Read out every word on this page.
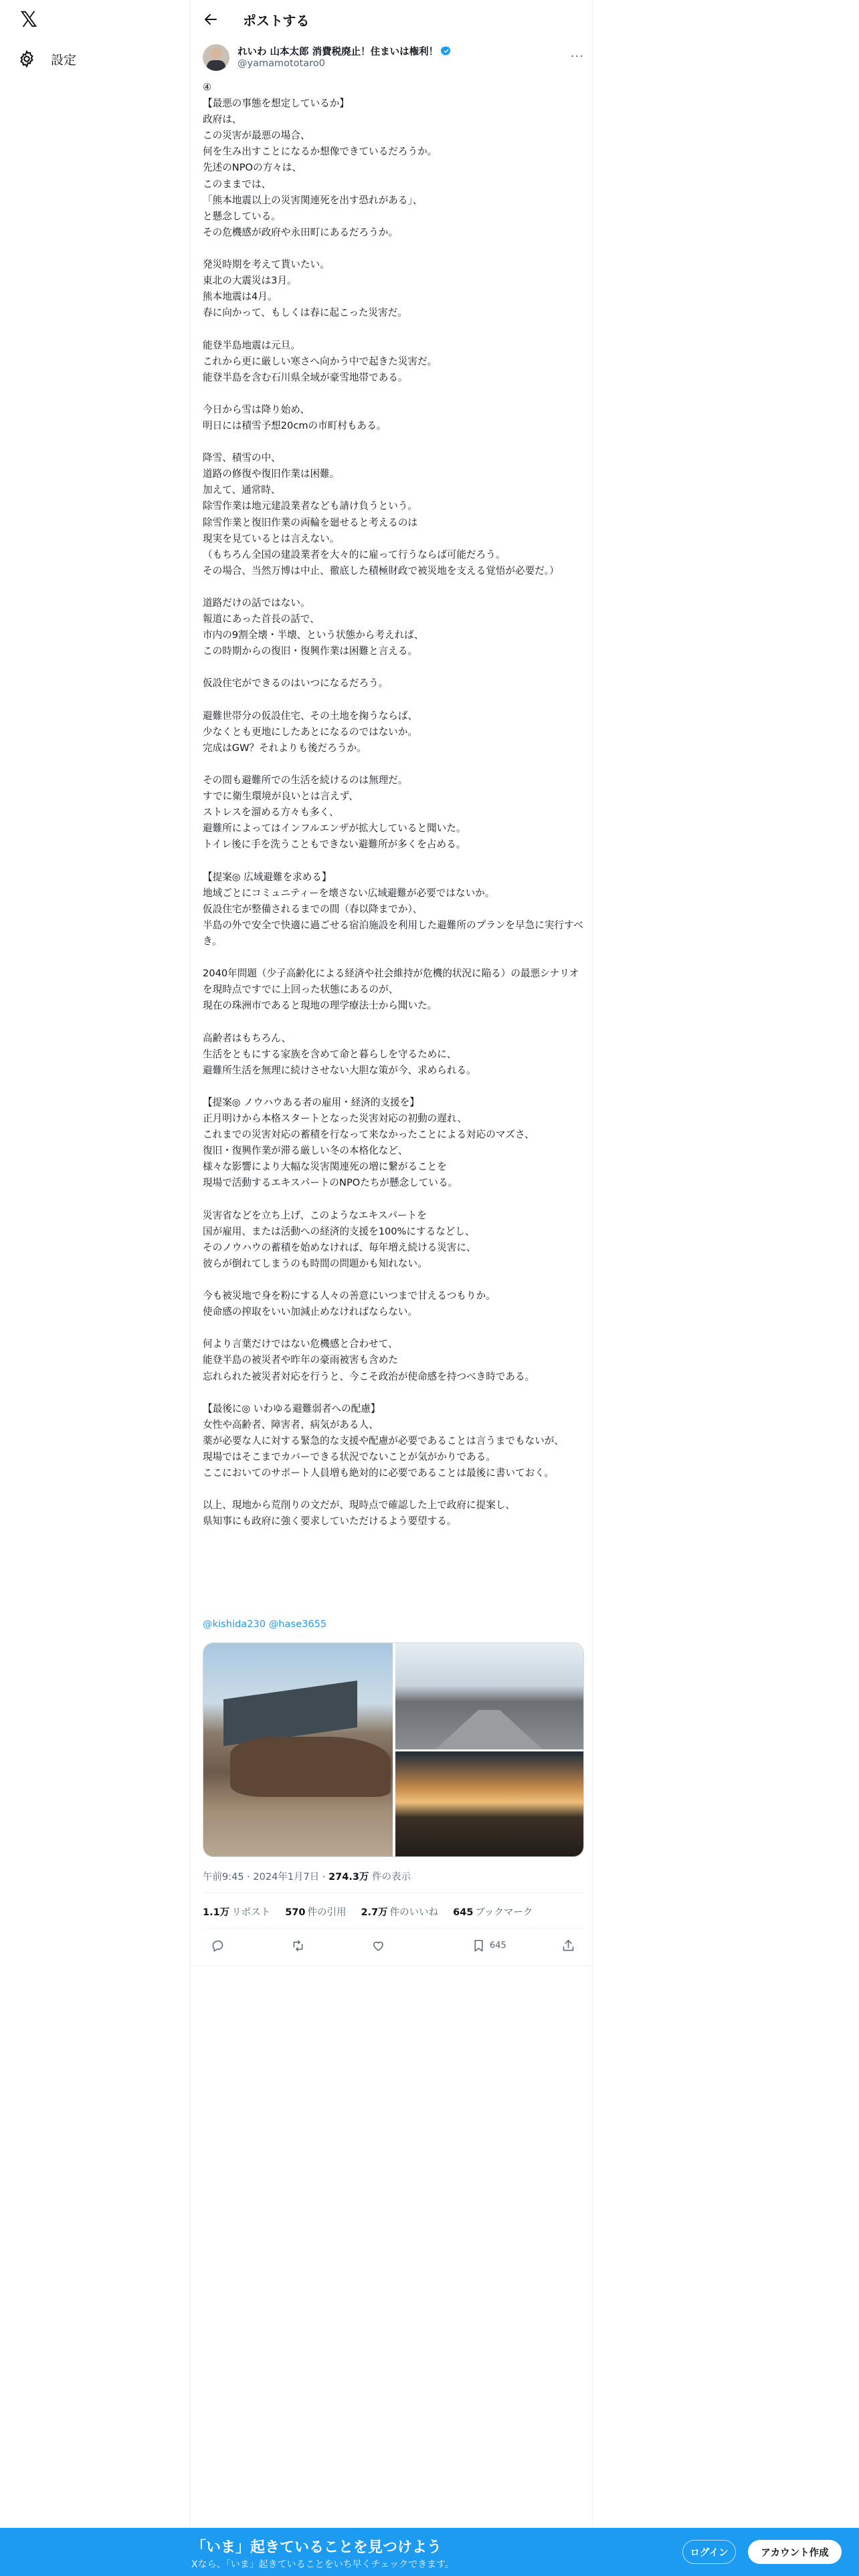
𝕏
設定
ポストする
れいわ 山本太郎 消費税廃止！住まいは権利！
@yamamototaro0	···
④
【最悪の事態を想定しているか】
政府は、
この災害が最悪の場合、
何を生み出すことになるか想像できているだろうか。
先述のNPOの方々は、
このままでは、
「熊本地震以上の災害関連死を出す恐れがある」、
と懸念している。
その危機感が政府や永田町にあるだろうか。

発災時期を考えて貰いたい。
東北の大震災は3月。
熊本地震は4月。
春に向かって、もしくは春に起こった災害だ。

能登半島地震は元旦。
これから更に厳しい寒さへ向かう中で起きた災害だ。
能登半島を含む石川県全域が豪雪地帯である。

今日から雪は降り始め、
明日には積雪予想20cmの市町村もある。

降雪、積雪の中、
道路の修復や復旧作業は困難。
加えて、通常時、
除雪作業は地元建設業者なども請け負うという。
除雪作業と復旧作業の両輪を廻せると考えるのは
現実を見ているとは言えない。
（もちろん全国の建設業者を大々的に雇って行うならば可能だろう。
その場合、当然万博は中止、徹底した積極財政で被災地を支える覚悟が必要だ。）

道路だけの話ではない。
報道にあった首長の話で、
市内の9割全壊・半壊、という状態から考えれば、
この時期からの復旧・復興作業は困難と言える。

仮設住宅ができるのはいつになるだろう。

避難世帯分の仮設住宅、その土地を掬うならば、
少なくとも更地にしたあとになるのではないか。
完成はGW？それよりも後だろうか。

その間も避難所での生活を続けるのは無理だ。
すでに衛生環境が良いとは言えず、
ストレスを溜める方々も多く、
避難所によってはインフルエンザが拡大していると聞いた。
トイレ後に手を洗うこともできない避難所が多くを占める。

【提案◎ 広域避難を求める】
地域ごとにコミュニティーを壊さない広域避難が必要ではないか。
仮設住宅が整備されるまでの間（春以降までか）、
半島の外で安全で快適に過ごせる宿泊施設を利用した避難所のプランを早急に実行すべき。

2040年問題（少子高齢化による経済や社会維持が危機的状況に陥る）の最悪シナリオを現時点ですでに上回った状態にあるのが、
現在の珠洲市であると現地の理学療法士から聞いた。

高齢者はもちろん、
生活をともにする家族を含めて命と暮らしを守るために、
避難所生活を無理に続けさせない大胆な策が今、求められる。

【提案◎ ノウハウある者の雇用・経済的支援を】
正月明けから本格スタートとなった災害対応の初動の遅れ、
これまでの災害対応の蓄積を行なって来なかったことによる対応のマズさ、
復旧・復興作業が滞る厳しい冬の本格化など、
様々な影響により大幅な災害関連死の増に繋がることを
現場で活動するエキスパートのNPOたちが懸念している。

災害省などを立ち上げ、このようなエキスパートを
国が雇用、または活動への経済的支援を100%にするなどし、
そのノウハウの蓄積を始めなければ、毎年増え続ける災害に、
彼らが倒れてしまうのも時間の問題かも知れない。

今も被災地で身を粉にする人々の善意にいつまで甘えるつもりか。
使命感の搾取をいい加減止めなければならない。

何より言葉だけではない危機感と合わせて、
能登半島の被災者や昨年の豪雨被害も含めた
忘れられた被災者対応を行うと、今こそ政治が使命感を持つべき時である。

【最後に◎ いわゆる避難弱者への配慮】
女性や高齢者、障害者、病気がある人、
薬が必要な人に対する緊急的な支援や配慮が必要であることは言うまでもないが、
現場ではそこまでカバーできる状況でないことが気がかりである。
ここにおいてのサポート人員増も絶対的に必要であることは最後に書いておく。

以上、現地から荒削りの文だが、現時点で確認した上で政府に提案し、
県知事にも政府に強く要求していただけるよう要望する。
@kishida230 @hase3655
午前9:45 · 2024年1月7日 · 274.3万 件の表示
1.1万 リポスト 570 件の引用 2.7万 件のいいね 645 ブックマーク
645
「いま」起きていることを見つけよう
Xなら、「いま」起きていることをいち早くチェックできます。
ログイン	アカウント作成
